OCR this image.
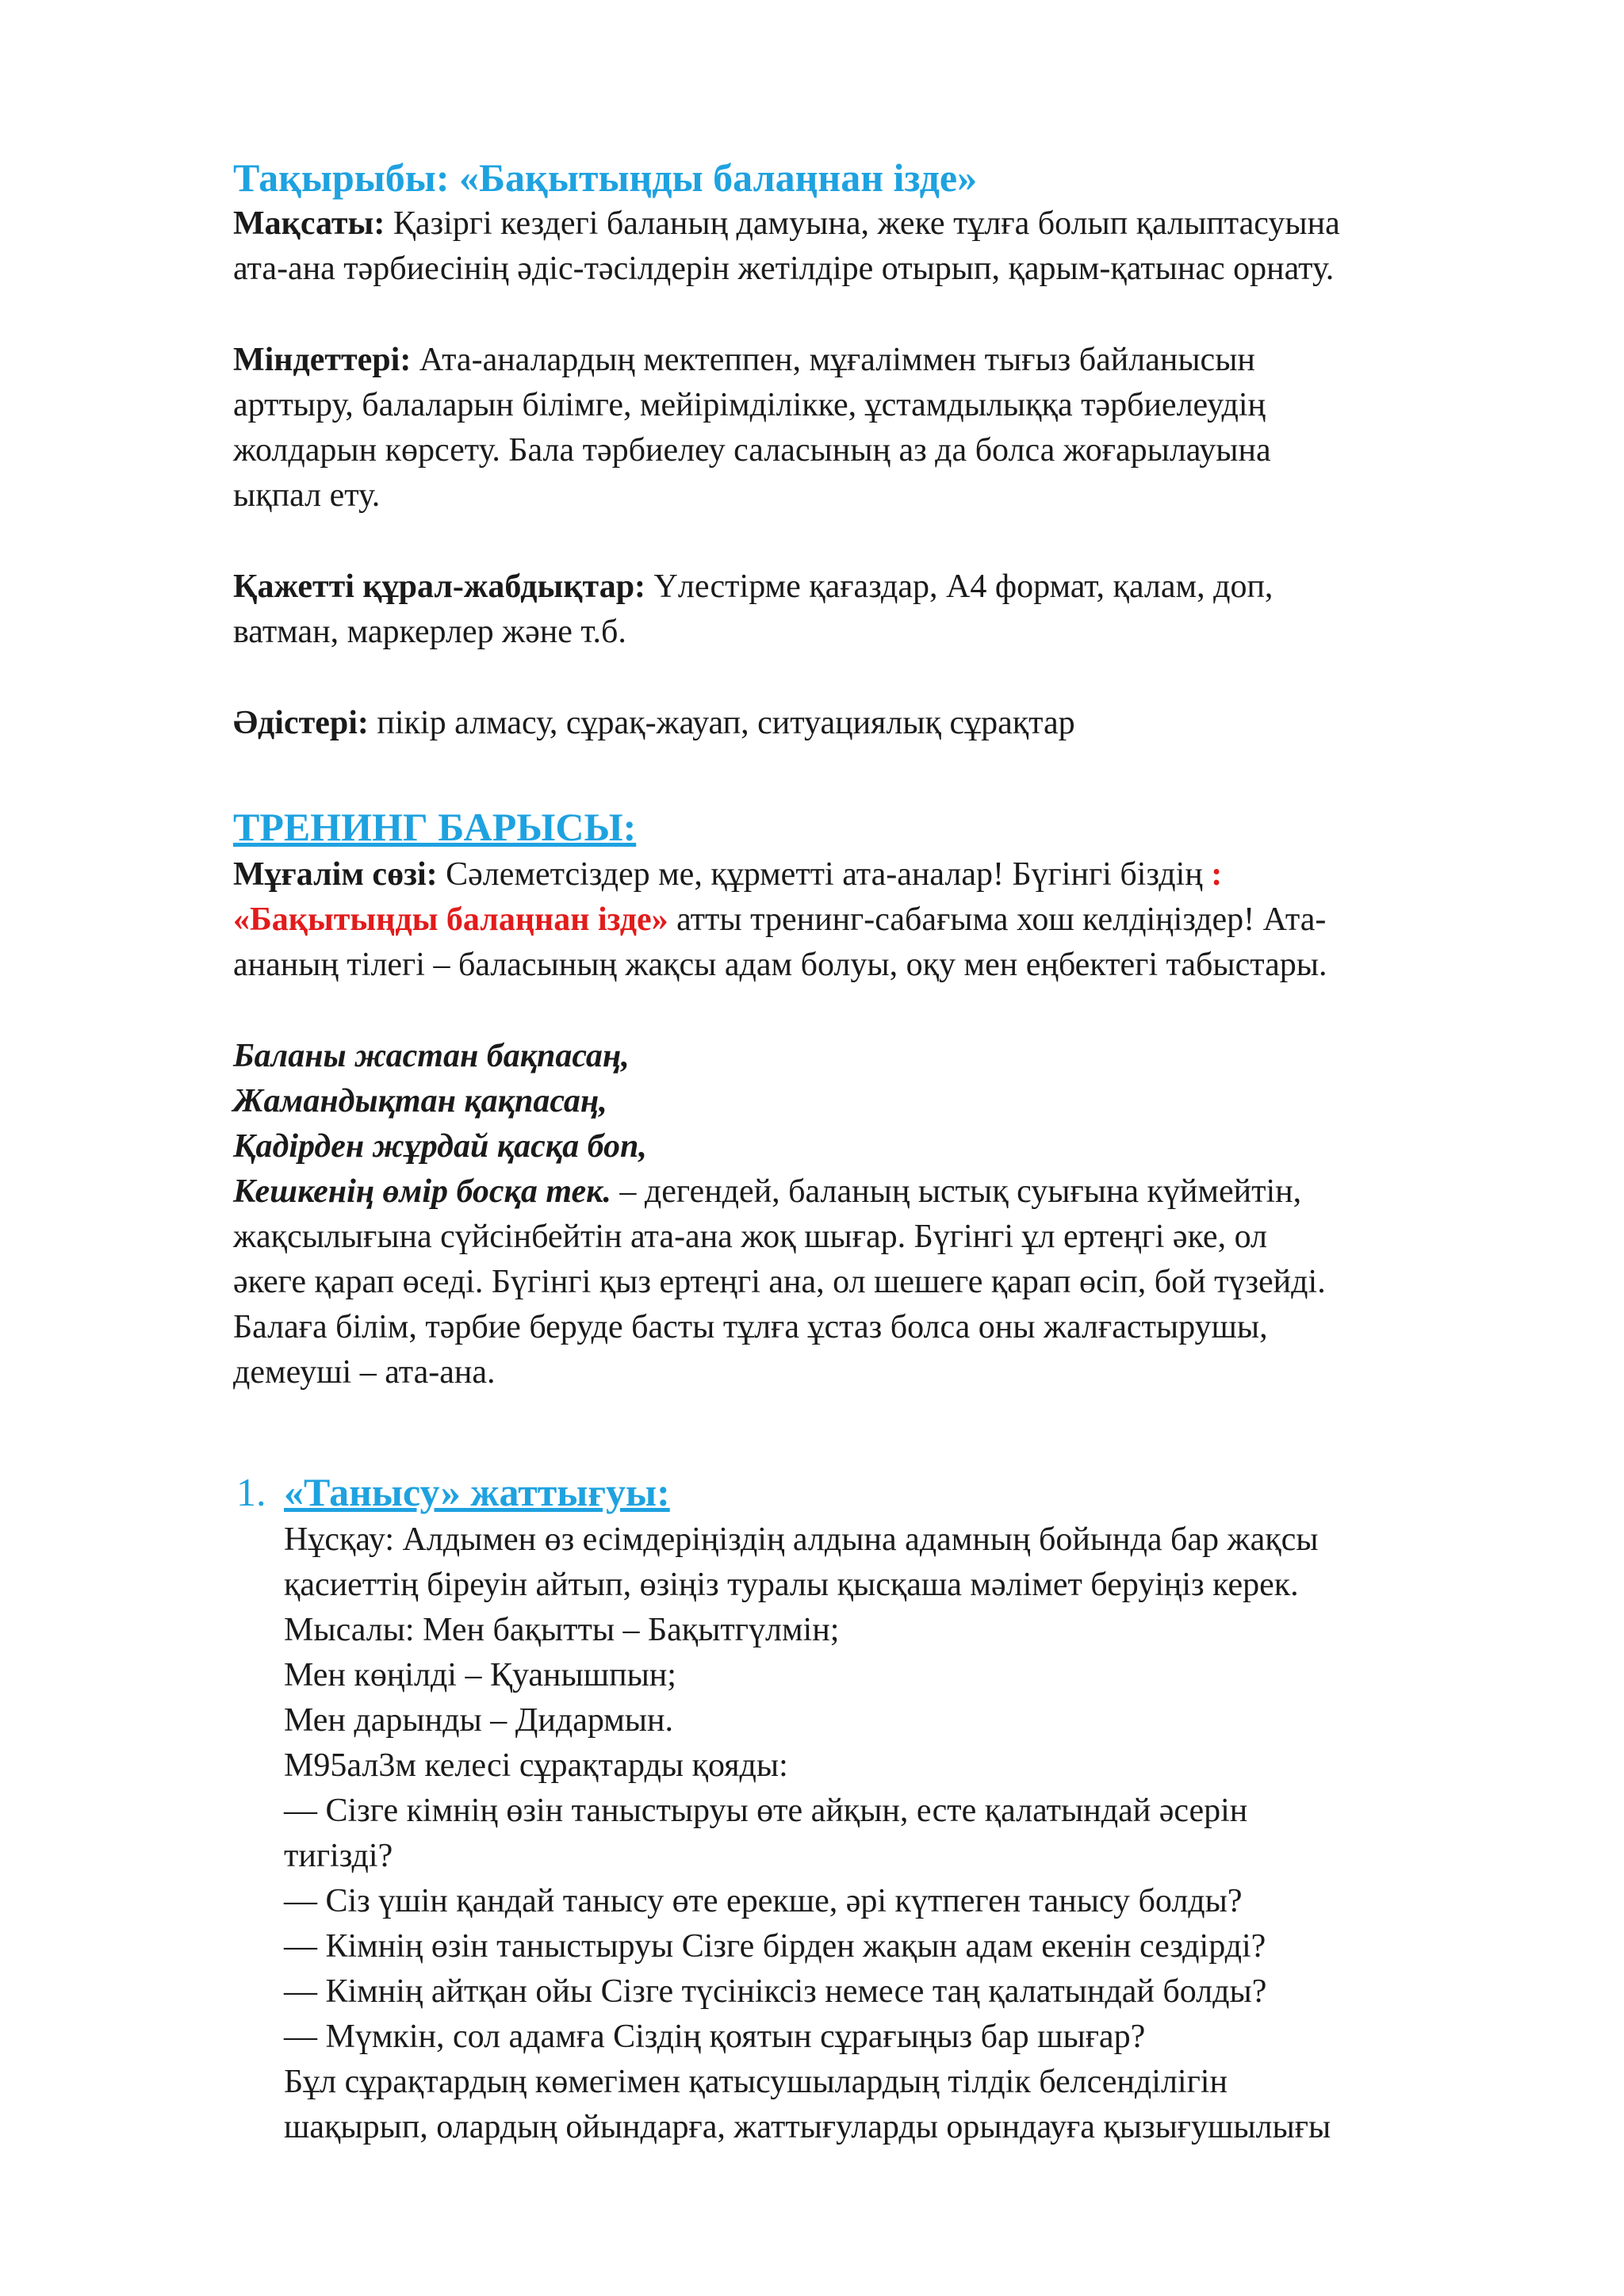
Тақырыбы: «Бақытыңды балаңнан ізде»

Мақсаты: Қазіргі кездегі баланың дамуына, жеке тұлға болып қалыптасуына

ата-ана тәрбиесінің әдіс-тәсілдерін жетілдіре отырып, қарым-қатынас орнату.

Міндеттері: Ата-аналардың мектеппен, мұғаліммен тығыз байланысын

арттыру, балаларын білімге, мейірімділікке, ұстамдылыққа тәрбиелеудің

жолдарын көрсету. Бала тәрбиелеу саласының аз да болса жоғарылауына

ықпал ету.

Қажетті құрал-жабдықтар: Үлестірме қағаздар, А4 формат, қалам, доп,

ватман, маркерлер және т.б.

Әдістері: пікір алмасу, сұрақ-жауап, ситуациялық сұрақтар

ТРЕНИНГ БАРЫСЫ:

Мұғалім сөзі: Сәлеметсіздер ме, құрметті ата-аналар! Бүгінгі біздің :

«Бақытыңды балаңнан ізде» атты тренинг-сабағыма хош келдіңіздер! Ата-

ананың тілегі – баласының жақсы адам болуы, оқу мен еңбектегі табыстары.

Баланы жастан бақпасаң,

Жамандықтан қақпасаң,

Қадірден жұрдай қасқа боп,

Кешкенің өмір босқа тек. – дегендей, баланың ыстық суығына күймейтін,

жақсылығына сүйсінбейтін ата-ана жоқ шығар. Бүгінгі ұл ертеңгі әке, ол

әкеге қарап өседі. Бүгінгі қыз ертеңгі ана, ол шешеге қарап өсіп, бой түзейді.

Балаға білім, тәрбие беруде басты тұлға ұстаз болса оны жалғастырушы,

демеуші – ата-ана.

1. «Танысу» жаттығуы:

Нұсқау: Алдымен өз есімдеріңіздің алдына адамның бойында бар жақсы

қасиеттің біреуін айтып, өзіңіз туралы қысқаша мәлімет беруіңіз керек.

Мысалы: Мен бақытты – Бақытгүлмін;

Мен көңілді – Қуанышпын;

Мен дарынды – Дидармын.

М95ал3м келесі сұрақтарды қояды:

— Сізге кімнің өзін таныстыруы өте айқын, есте қалатындай әсерін

тигізді?

— Сіз үшін қандай танысу өте ерекше, әрі күтпеген танысу болды?

— Кімнің өзін таныстыруы Сізге бірден жақын адам екенін сездірді?

— Кімнің айтқан ойы Сізге түсініксіз немесе таң қалатындай болды?

— Мүмкін, сол адамға Сіздің қоятын сұрағыңыз бар шығар?

Бұл сұрақтардың көмегімен қатысушылардың тілдік белсенділігін

шақырып, олардың ойындарға, жаттығуларды орындауға қызығушылығы
